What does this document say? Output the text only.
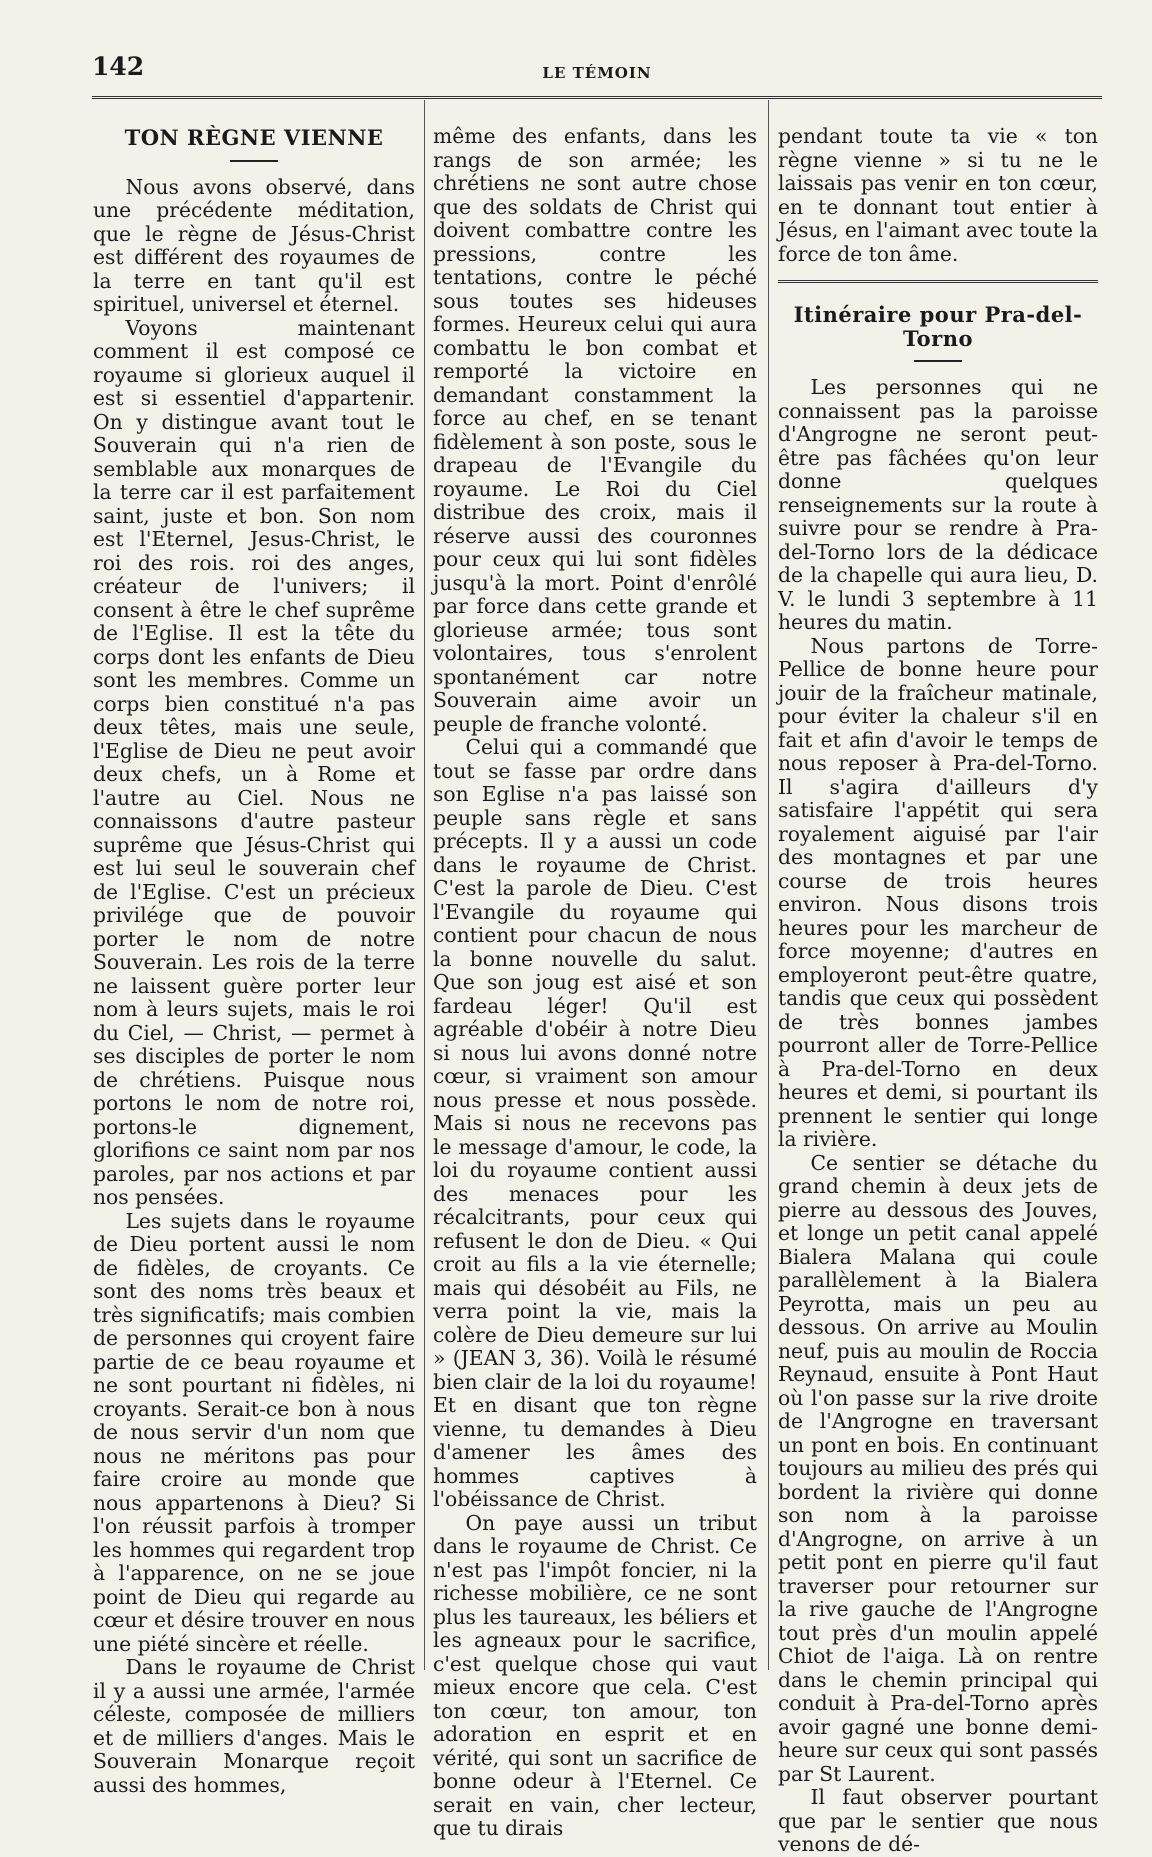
142	LE TÉMOIN
TON RÈGNE VIENNE

Nous avons observé, dans une précédente méditation, que le règne de Jésus-Christ est différent des royaumes de la terre en tant qu'il est spirituel, universel et éternel.

Voyons maintenant comment il est composé ce royaume si glorieux auquel il est si essentiel d'appartenir. On y distingue avant tout le Souverain qui n'a rien de semblable aux monarques de la terre car il est parfaitement saint, juste et bon. Son nom est l'Eternel, Jesus-Christ, le roi des rois. roi des anges, créateur de l'univers; il consent à être le chef suprême de l'Eglise. Il est la tête du corps dont les enfants de Dieu sont les membres. Comme un corps bien constitué n'a pas deux têtes, mais une seule, l'Eglise de Dieu ne peut avoir deux chefs, un à Rome et l'autre au Ciel. Nous ne connaissons d'autre pasteur suprême que Jésus-Christ qui est lui seul le souverain chef de l'Eglise. C'est un précieux privilége que de pouvoir porter le nom de notre Souverain. Les rois de la terre ne laissent guère porter leur nom à leurs sujets, mais le roi du Ciel, — Christ, — permet à ses disciples de porter le nom de chrétiens. Puisque nous portons le nom de notre roi, portons-le dignement, glorifions ce saint nom par nos paroles, par nos actions et par nos pensées.

Les sujets dans le royaume de Dieu portent aussi le nom de fidèles, de croyants. Ce sont des noms très beaux et très significatifs; mais combien de personnes qui croyent faire partie de ce beau royaume et ne sont pourtant ni fidèles, ni croyants. Serait-ce bon à nous de nous servir d'un nom que nous ne méritons pas pour faire croire au monde que nous appartenons à Dieu? Si l'on réussit parfois à tromper les hommes qui regardent trop à l'apparence, on ne se joue point de Dieu qui regarde au cœur et désire trouver en nous une piété sincère et réelle.

Dans le royaume de Christ il y a aussi une armée, l'armée céleste, composée de milliers et de milliers d'anges. Mais le Souverain Monarque reçoit aussi des hommes,

même des enfants, dans les rangs de son armée; les chrétiens ne sont autre chose que des soldats de Christ qui doivent combattre contre les pressions, contre les tentations, contre le péché sous toutes ses hideuses formes. Heureux celui qui aura combattu le bon combat et remporté la victoire en demandant constamment la force au chef, en se tenant fidèlement à son poste, sous le drapeau de l'Evangile du royaume. Le Roi du Ciel distribue des croix, mais il réserve aussi des couronnes pour ceux qui lui sont fidèles jusqu'à la mort. Point d'enrôlé par force dans cette grande et glorieuse armée; tous sont volontaires, tous s'enrolent spontanément car notre Souverain aime avoir un peuple de franche volonté.

Celui qui a commandé que tout se fasse par ordre dans son Eglise n'a pas laissé son peuple sans règle et sans précepts. Il y a aussi un code dans le royaume de Christ. C'est la parole de Dieu. C'est l'Evangile du royaume qui contient pour chacun de nous la bonne nouvelle du salut. Que son joug est aisé et son fardeau léger! Qu'il est agréable d'obéir à notre Dieu si nous lui avons donné notre cœur, si vraiment son amour nous presse et nous possède. Mais si nous ne recevons pas le message d'amour, le code, la loi du royaume contient aussi des menaces pour les récalcitrants, pour ceux qui refusent le don de Dieu. « Qui croit au fils a la vie éternelle; mais qui désobéit au Fils, ne verra point la vie, mais la colère de Dieu demeure sur lui » (JEAN 3, 36). Voilà le résumé bien clair de la loi du royaume! Et en disant que ton règne vienne, tu demandes à Dieu d'amener les âmes des hommes captives à l'obéissance de Christ.

On paye aussi un tribut dans le royaume de Christ. Ce n'est pas l'impôt foncier, ni la richesse mobilière, ce ne sont plus les taureaux, les béliers et les agneaux pour le sacrifice, c'est quelque chose qui vaut mieux encore que cela. C'est ton cœur, ton amour, ton adoration en esprit et en vérité, qui sont un sacrifice de bonne odeur à l'Eternel. Ce serait en vain, cher lecteur, que tu dirais

pendant toute ta vie « ton règne vienne » si tu ne le laissais pas venir en ton cœur, en te donnant tout entier à Jésus, en l'aimant avec toute la force de ton âme.

Itinéraire pour Pra-del-Torno

Les personnes qui ne connaissent pas la paroisse d'Angrogne ne seront peut-être pas fâchées qu'on leur donne quelques renseignements sur la route à suivre pour se rendre à Pra-del-Torno lors de la dédicace de la chapelle qui aura lieu, D. V. le lundi 3 septembre à 11 heures du matin.

Nous partons de Torre-Pellice de bonne heure pour jouir de la fraîcheur matinale, pour éviter la chaleur s'il en fait et afin d'avoir le temps de nous reposer à Pra-del-Torno. Il s'agira d'ailleurs d'y satisfaire l'appétit qui sera royalement aiguisé par l'air des montagnes et par une course de trois heures environ. Nous disons trois heures pour les marcheur de force moyenne; d'autres en employeront peut-être quatre, tandis que ceux qui possèdent de très bonnes jambes pourront aller de Torre-Pellice à Pra-del-Torno en deux heures et demi, si pourtant ils prennent le sentier qui longe la rivière.

Ce sentier se détache du grand chemin à deux jets de pierre au dessous des Jouves, et longe un petit canal appelé Bialera Malana qui coule parallèlement à la Bialera Peyrotta, mais un peu au dessous. On arrive au Moulin neuf, puis au moulin de Roccia Reynaud, ensuite à Pont Haut où l'on passe sur la rive droite de l'Angrogne en traversant un pont en bois. En continuant toujours au milieu des prés qui bordent la rivière qui donne son nom à la paroisse d'Angrogne, on arrive à un petit pont en pierre qu'il faut traverser pour retourner sur la rive gauche de l'Angrogne tout près d'un moulin appelé Chiot de l'aiga. Là on rentre dans le chemin principal qui conduit à Pra-del-Torno après avoir gagné une bonne demi-heure sur ceux qui sont passés par St Laurent.

Il faut observer pourtant que par le sentier que nous venons de dé-
